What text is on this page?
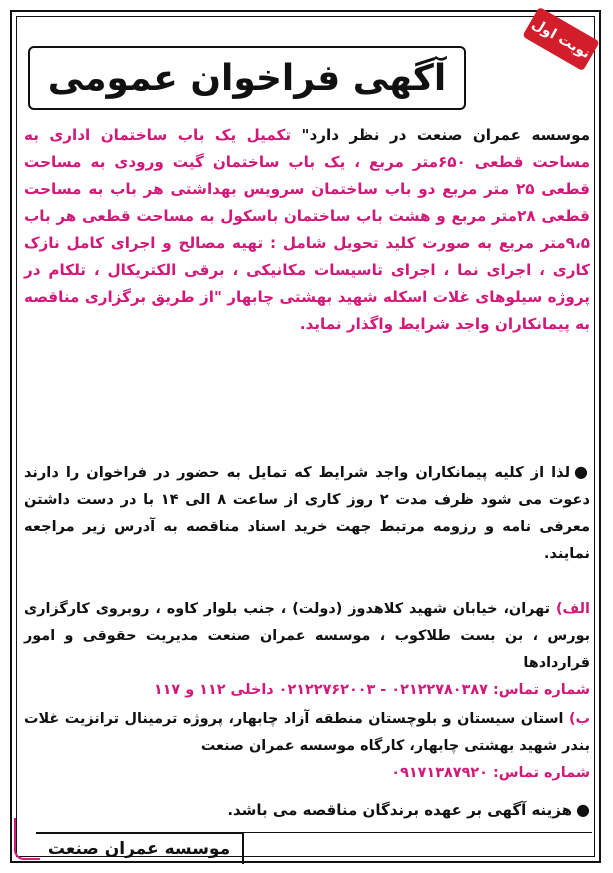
نوبت اول
آگهی فراخوان عمومی
موسسه عمران صنعت در نظر دارد" تکمیل یک باب ساختمان اداری به مساحت قطعی ۶۵۰متر مربع ، یک باب ساختمان گیت ورودی به مساحت قطعی ۲۵ متر مربع دو باب ساختمان سرویس بهداشتی هر باب به مساحت قطعی ۲۸متر مربع و هشت باب ساختمان باسکول به مساحت قطعی هر باب ۹،۵متر مربع به صورت کلید تحویل شامل : تهیه مصالح و اجرای کامل نازک کاری ، اجرای نما ، اجرای تاسیسات مکانیکی ، برقی الکتریکال ، تلکام در پروژه سیلوهای غلات اسکله شهید بهشتی چابهار "از طریق برگزاری مناقصه به پیمانکاران واجد شرایط واگذار نماید.
●لذا از کلیه پیمانکاران واجد شرایط که تمایل به حضور در فراخوان را دارند دعوت می شود ظرف مدت ۲ روز کاری از ساعت ۸ الی ۱۴ با در دست داشتن معرفی نامه و رزومه مرتبط جهت خرید اسناد مناقصه به آدرس زیر مراجعه نمایند.
الف) تهران، خیابان شهید کلاهدوز (دولت) ، جنب بلوار کاوه ، روبروی کارگزاری بورس ، بن بست طلاکوب ، موسسه عمران صنعت مدیریت حقوقی و امور قراردادها
شماره تماس: ۰۲۱۲۲۷۸۰۳۸۷ - ۰۲۱۲۲۷۶۲۰۰۳ داخلی ۱۱۲ و ۱۱۷
ب) استان سیستان و بلوچستان منطقه آزاد چابهار، پروژه ترمینال ترانزیت غلات بندر شهید بهشتی چابهار، کارگاه موسسه عمران صنعت
شماره تماس: ۰۹۱۷۱۳۸۷۹۲۰
●هزینه آگهی بر عهده برندگان مناقصه می باشد.
موسسه عمران صنعت
